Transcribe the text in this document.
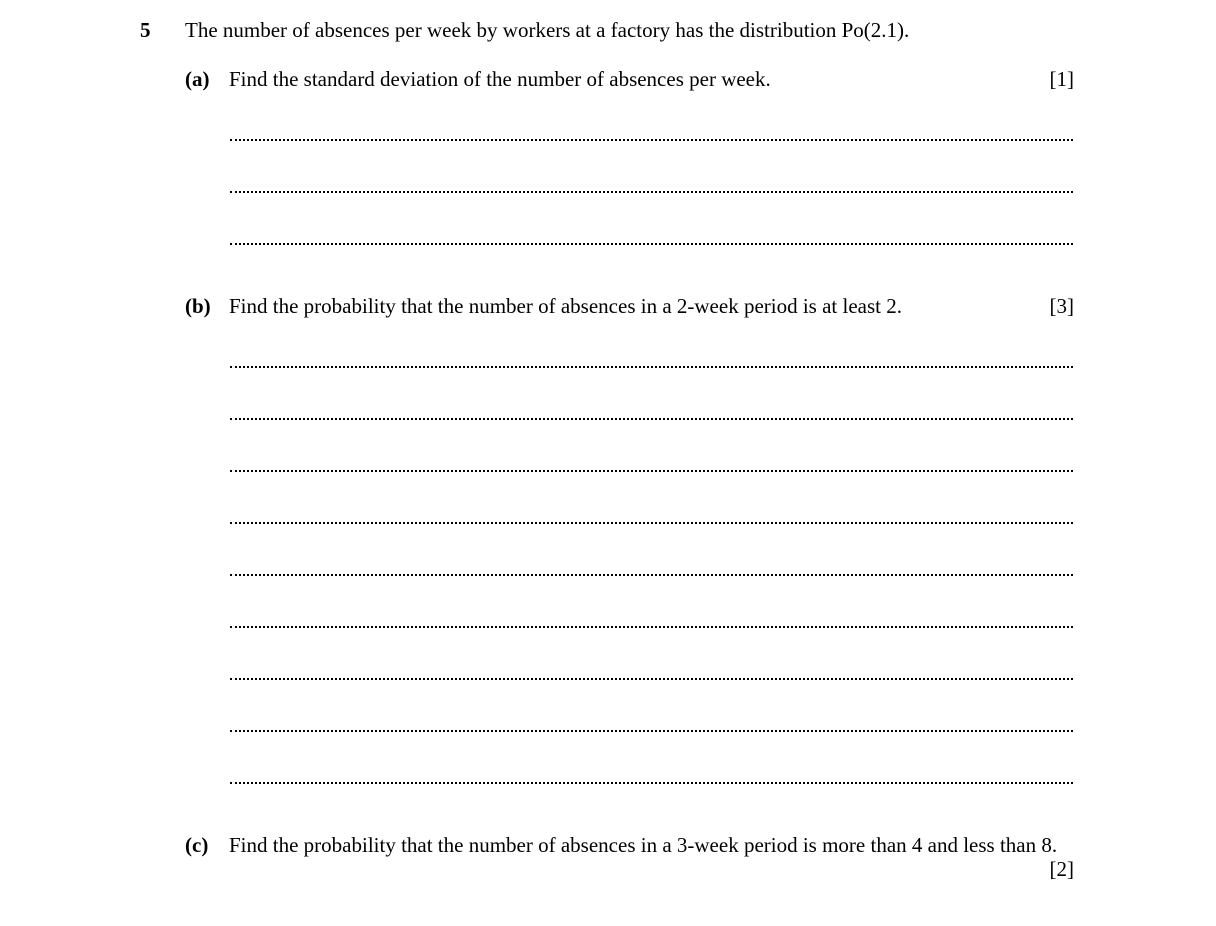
5 The number of absences per week by workers at a factory has the distribution Po(2.1).
(a) Find the standard deviation of the number of absences per week.	[1]
(b) Find the probability that the number of absences in a 2-week period is at least 2.	[3]
(c) Find the probability that the number of absences in a 3-week period is more than 4 and less than 8.
[2]
